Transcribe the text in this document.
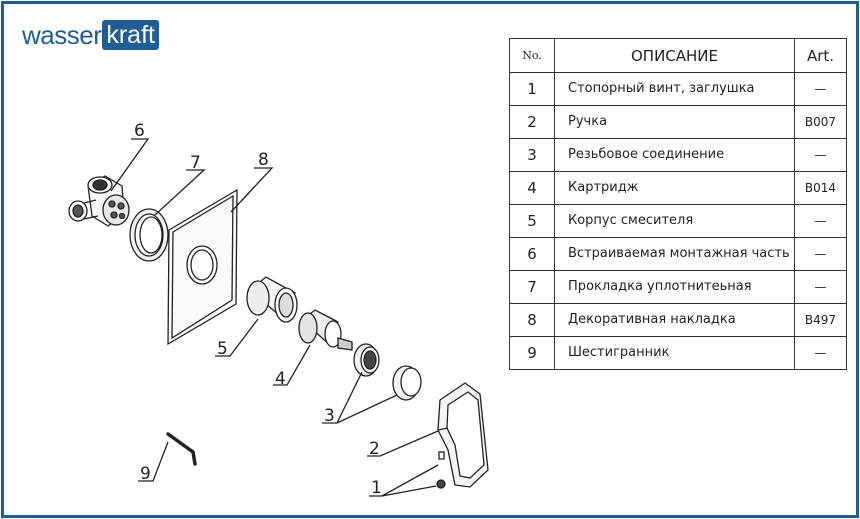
wasser kraft
No.	ОПИСАНИЕ	Art.
1	Стопорный винт, заглушка	—
2	Ручка	B007
3	Резьбовое соединение	—
4	Картридж	B014
5	Корпус смесителя	—
6	Встраиваемая монтажная часть	—
7	Прокладка уплотнитеьная	—
8	Декоративная накладка	B497
9	Шестигранник	—
6
7	8
5
4
3
2
1
9
